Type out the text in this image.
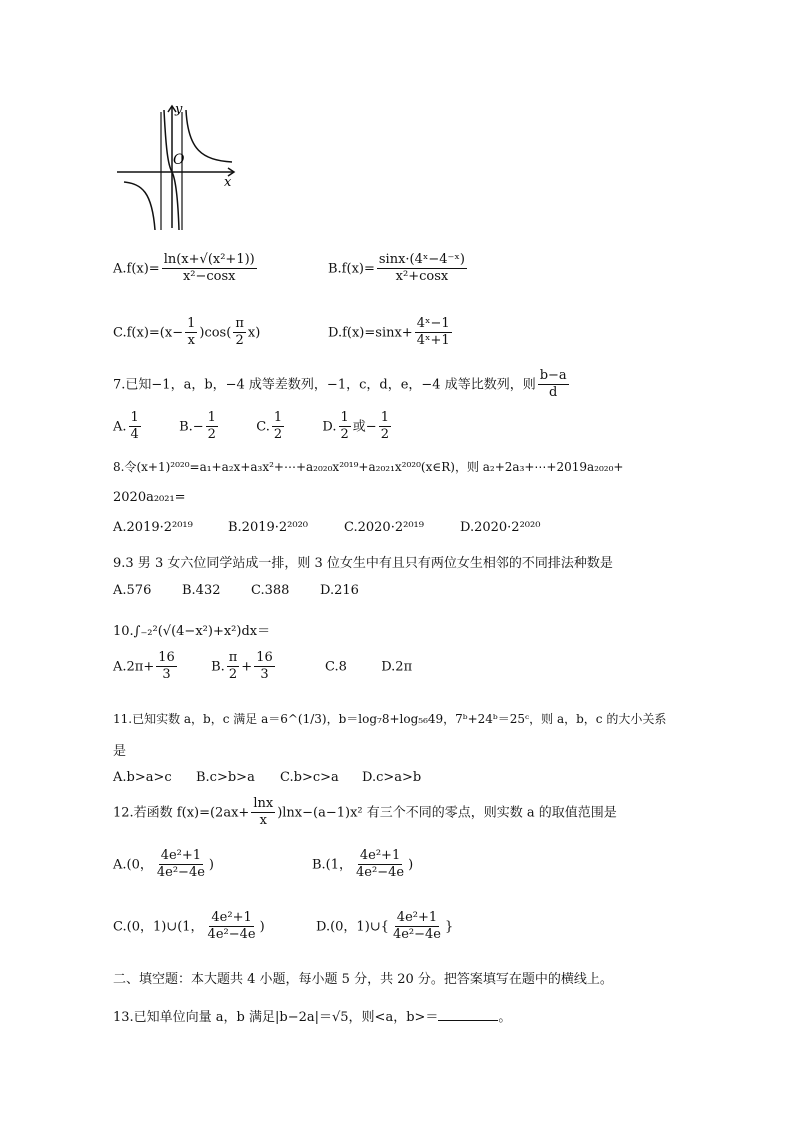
y
x
O
$A.f(x)= \frac{\text{ln(x+√(x²+1))}}{\text{x²−cosx}}$	$B.f(x)= \frac{\text{sinx·(4ˣ−4⁻ˣ)}}{\text{x²+cosx}}$
$C.f(x)=(x- \frac{1}{x} )\cos( \frac{\pi}{2} x)$	$D.f(x)=\sin x+ \frac{\text{4ˣ−1}}{\text{4ˣ+1}}$
7.已知−1，a，b，−4 成等差数列，−1，c，d，e，−4 成等比数列，则 $\frac{b-a}{d}$
A. $\frac{1}{4}$	$B.- \frac{1}{2}$	C. $\frac{1}{2}$	D. $\frac{1}{2}$ 或− $\frac{1}{2}$
8.令(x+1)²⁰²⁰=a₁+a₂x+a₃x²+⋯+a₂₀₂₀x²⁰¹⁹+a₂₀₂₁x²⁰²⁰(x∈R)，则 a₂+2a₃+⋯+2019a₂₀₂₀+
2020a₂₀₂₁=
A.2019·2²⁰¹⁹	B.2019·2²⁰²⁰	C.2020·2²⁰¹⁹	D.2020·2²⁰²⁰
9.3 男 3 女六位同学站成一排，则 3 位女生中有且只有两位女生相邻的不同排法种数是
A.576 B.432 C.388 D.216
10.∫₋₂²(√(4−x²)+x²)dx＝
$A.2\pi+ \frac{16}{3}$	B. $\frac{\pi}{2} + \frac{16}{3}$	C.8	D.2π
11.已知实数 a，b，c 满足 a＝6^(1/3)，b＝log₇8+log₅₆49，7ᵇ+24ᵇ＝25ᶜ，则 a，b，c 的大小关系
是
A.b>a>c B.c>b>a C.b>c>a D.c>a>b
12.若函数 $f(x)=(2ax+ \frac{\ln x}{x} )\ln x-(a-1)x^2$ 有三个不同的零点，则实数 a 的取值范围是
A.(0， $\frac{\text{4e²+1}}{\text{4e²−4e}}$ )	B.(1， $\frac{\text{4e²+1}}{\text{4e²−4e}}$ )
C.(0，1)∪(1， $\frac{\text{4e²+1}}{\text{4e²−4e}}$ )	D.(0，1)∪{ $\frac{\text{4e²+1}}{\text{4e²−4e}}$ }
二、填空题：本大题共 4 小题，每小题 5 分，共 20 分。把答案填写在题中的横线上。
13.已知单位向量 a，b 满足|b−2a|＝√5，则<a，b>＝	。
